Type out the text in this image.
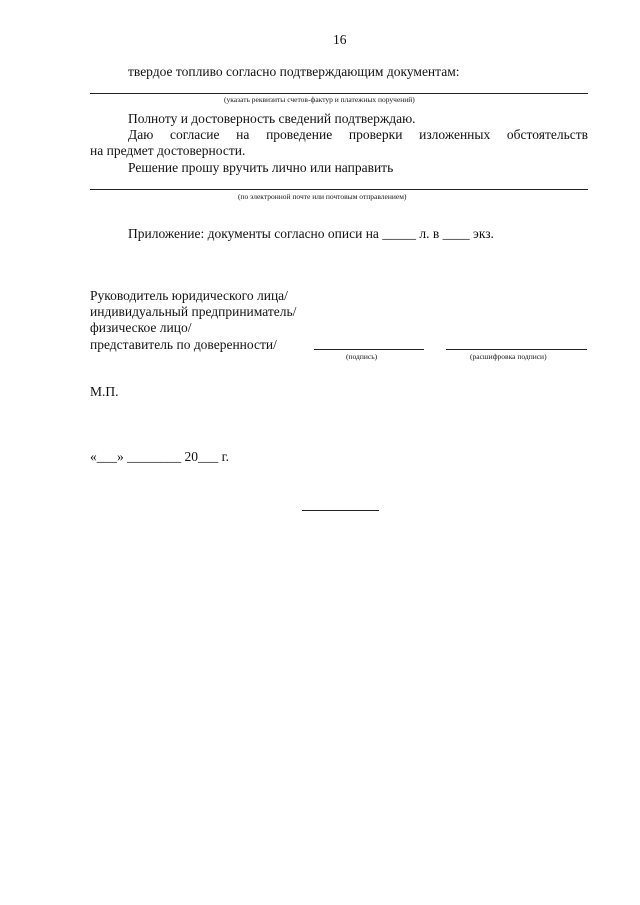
16
твердое топливо согласно подтверждающим документам:
(указать реквизиты счетов-фактур и платежных поручений)
Полноту и достоверность сведений подтверждаю.
Даю согласие на проведение проверки изложенных обстоятельств
на предмет достоверности.
Решение прошу вручить лично или направить
(по электронной почте или почтовым отправлением)
Приложение: документы согласно описи на _____ л. в ____ экз.
Руководитель юридического лица/
индивидуальный предприниматель/
физическое лицо/
представитель по доверенности/
(подпись)	(расшифровка подписи)
М.П.
«___» ________ 20___ г.
